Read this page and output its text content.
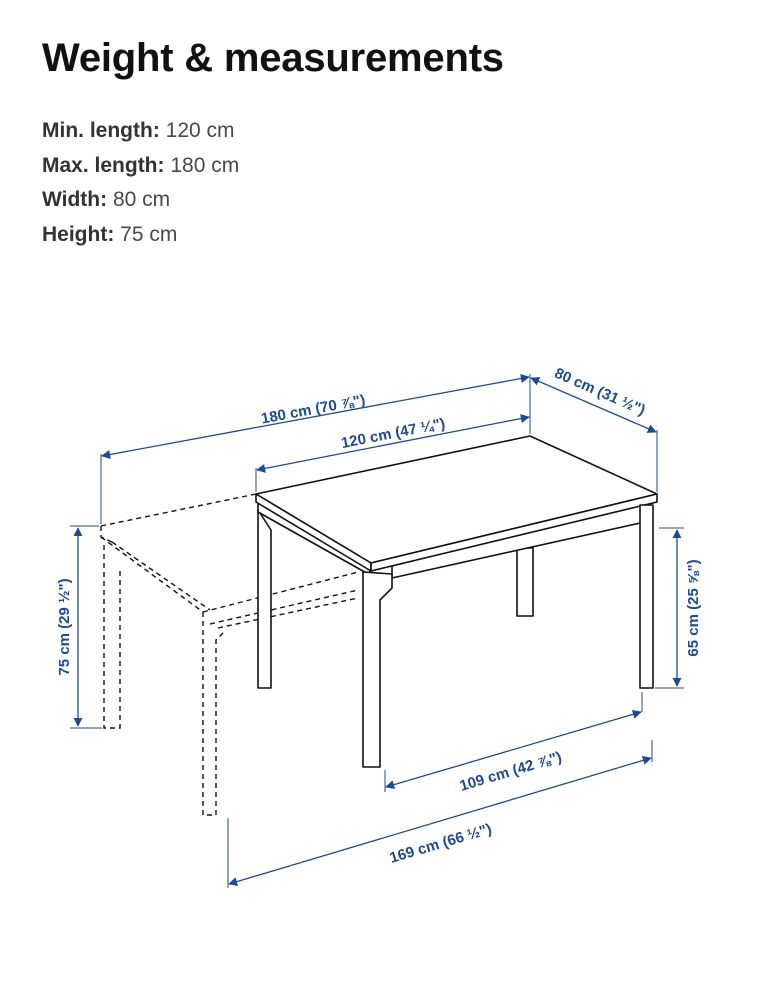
Weight & measurements
Min. length: 120 cm
Max. length: 180 cm
Width: 80 cm
Height: 75 cm
180 cm (70 ⅞")
120 cm (47 ¼")
80 cm (31 ½")
75 cm (29 ½")	65 cm (25 ⅝")
109 cm (42 ⅞")
169 cm (66 ½")
